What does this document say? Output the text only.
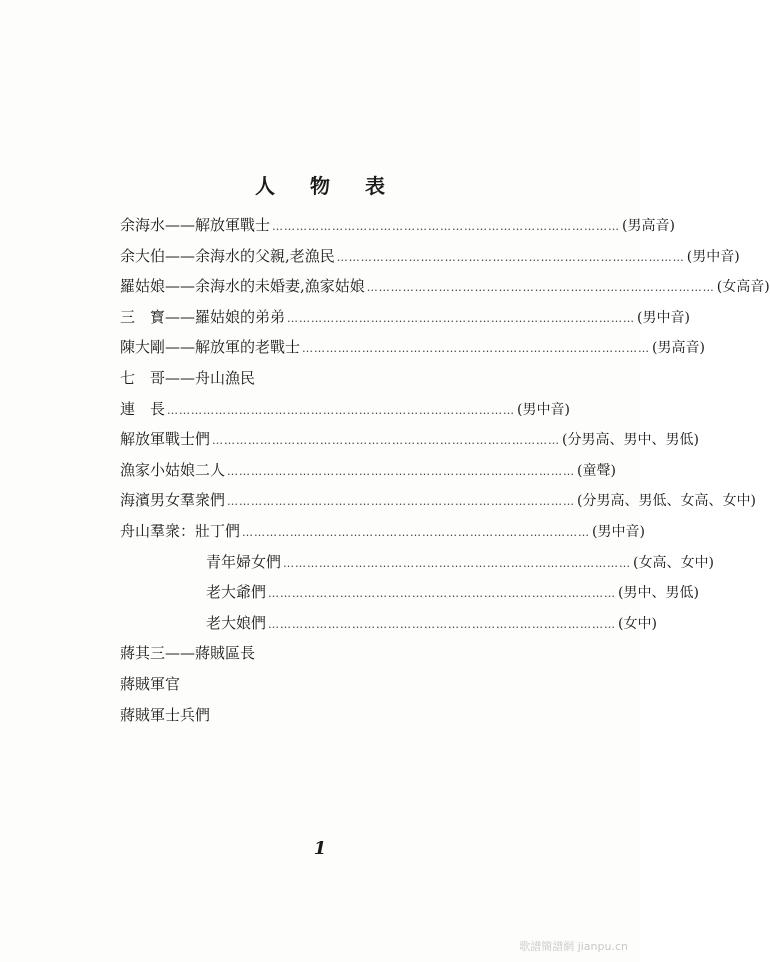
人 物 表
余海水—— 解放軍戰士 …………………………………………………………………………… (男高音)
余大伯—— 余海水的父親,老漁民 …………………………………………………………………………… (男中音)
羅姑娘—— 余海水的未婚妻,漁家姑娘 …………………………………………………………………………… (女高音)
三　寳—— 羅姑娘的弟弟 …………………………………………………………………………… (男中音)
陳大剛—— 解放軍的老戰士 …………………………………………………………………………… (男高音)
七　哥—— 舟山漁民
連　長 …………………………………………………………………………… (男中音)
解放軍戰士們 …………………………………………………………………………… (分男高、男中、男低)
漁家小姑娘二人 …………………………………………………………………………… (童聲)
海濱男女羣衆們 …………………………………………………………………………… (分男高、男低、女高、女中)
舟山羣衆：壯丁們 …………………………………………………………………………… (男中音)
青年婦女們 …………………………………………………………………………… (女高、女中)
老大爺們 …………………………………………………………………………… (男中、男低)
老大娘們 …………………………………………………………………………… (女中)
蔣其三—— 蔣賊區長
蔣賊軍官
蔣賊軍士兵們
1
歌譜簡譜網 jianpu.cn
